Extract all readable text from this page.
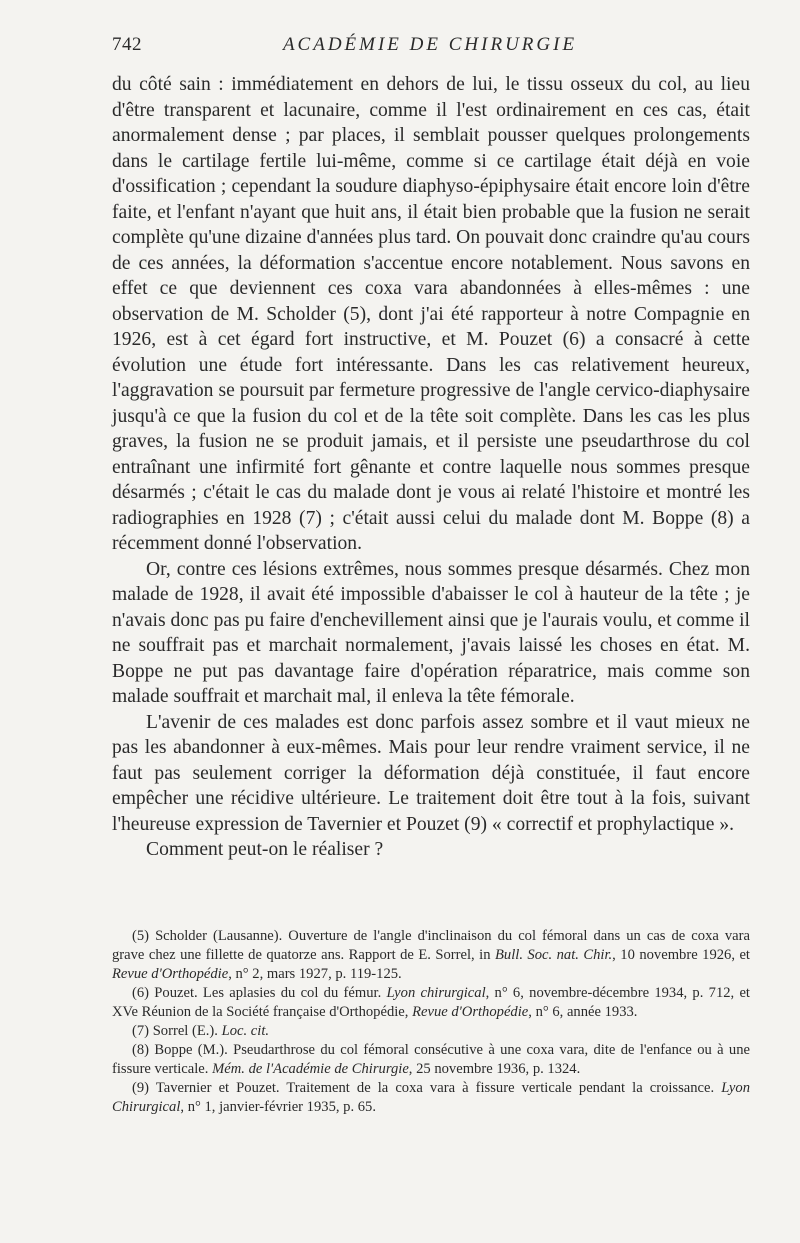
742	ACADÉMIE DE CHIRURGIE

du côté sain : immédiatement en dehors de lui, le tissu osseux du col, au lieu d'être transparent et lacunaire, comme il l'est ordinairement en ces cas, était anormalement dense ; par places, il semblait pousser quelques prolongements dans le cartilage fertile lui-même, comme si ce cartilage était déjà en voie d'ossification ; cependant la soudure diaphyso-épiphysaire était encore loin d'être faite, et l'enfant n'ayant que huit ans, il était bien probable que la fusion ne serait complète qu'une dizaine d'années plus tard. On pouvait donc craindre qu'au cours de ces années, la déformation s'accentue encore notablement. Nous savons en effet ce que deviennent ces coxa vara abandonnées à elles-mêmes : une observation de M. Scholder (5), dont j'ai été rapporteur à notre Compagnie en 1926, est à cet égard fort instructive, et M. Pouzet (6) a consacré à cette évolution une étude fort intéressante. Dans les cas relativement heureux, l'aggravation se poursuit par fermeture progressive de l'angle cervico-diaphysaire jusqu'à ce que la fusion du col et de la tête soit complète. Dans les cas les plus graves, la fusion ne se produit jamais, et il persiste une pseudarthrose du col entraînant une infirmité fort gênante et contre laquelle nous sommes presque désarmés ; c'était le cas du malade dont je vous ai relaté l'histoire et montré les radiographies en 1928 (7) ; c'était aussi celui du malade dont M. Boppe (8) a récemment donné l'observation.

Or, contre ces lésions extrêmes, nous sommes presque désarmés. Chez mon malade de 1928, il avait été impossible d'abaisser le col à hauteur de la tête ; je n'avais donc pas pu faire d'enchevillement ainsi que je l'aurais voulu, et comme il ne souffrait pas et marchait normalement, j'avais laissé les choses en état. M. Boppe ne put pas davantage faire d'opération réparatrice, mais comme son malade souffrait et marchait mal, il enleva la tête fémorale.

L'avenir de ces malades est donc parfois assez sombre et il vaut mieux ne pas les abandonner à eux-mêmes. Mais pour leur rendre vraiment service, il ne faut pas seulement corriger la déformation déjà constituée, il faut encore empêcher une récidive ultérieure. Le traitement doit être tout à la fois, suivant l'heureuse expression de Tavernier et Pouzet (9) « correctif et prophylactique ».

Comment peut-on le réaliser ?

(5) Scholder (Lausanne). Ouverture de l'angle d'inclinaison du col fémoral dans un cas de coxa vara grave chez une fillette de quatorze ans. Rapport de E. Sorrel, in Bull. Soc. nat. Chir., 10 novembre 1926, et Revue d'Orthopédie, n° 2, mars 1927, p. 119-125.

(6) Pouzet. Les aplasies du col du fémur. Lyon chirurgical, n° 6, novembre-décembre 1934, p. 712, et XVe Réunion de la Société française d'Orthopédie, Revue d'Orthopédie, n° 6, année 1933.

(7) Sorrel (E.). Loc. cit.

(8) Boppe (M.). Pseudarthrose du col fémoral consécutive à une coxa vara, dite de l'enfance ou à une fissure verticale. Mém. de l'Académie de Chirurgie, 25 novembre 1936, p. 1324.

(9) Tavernier et Pouzet. Traitement de la coxa vara à fissure verticale pendant la croissance. Lyon Chirurgical, n° 1, janvier-février 1935, p. 65.
